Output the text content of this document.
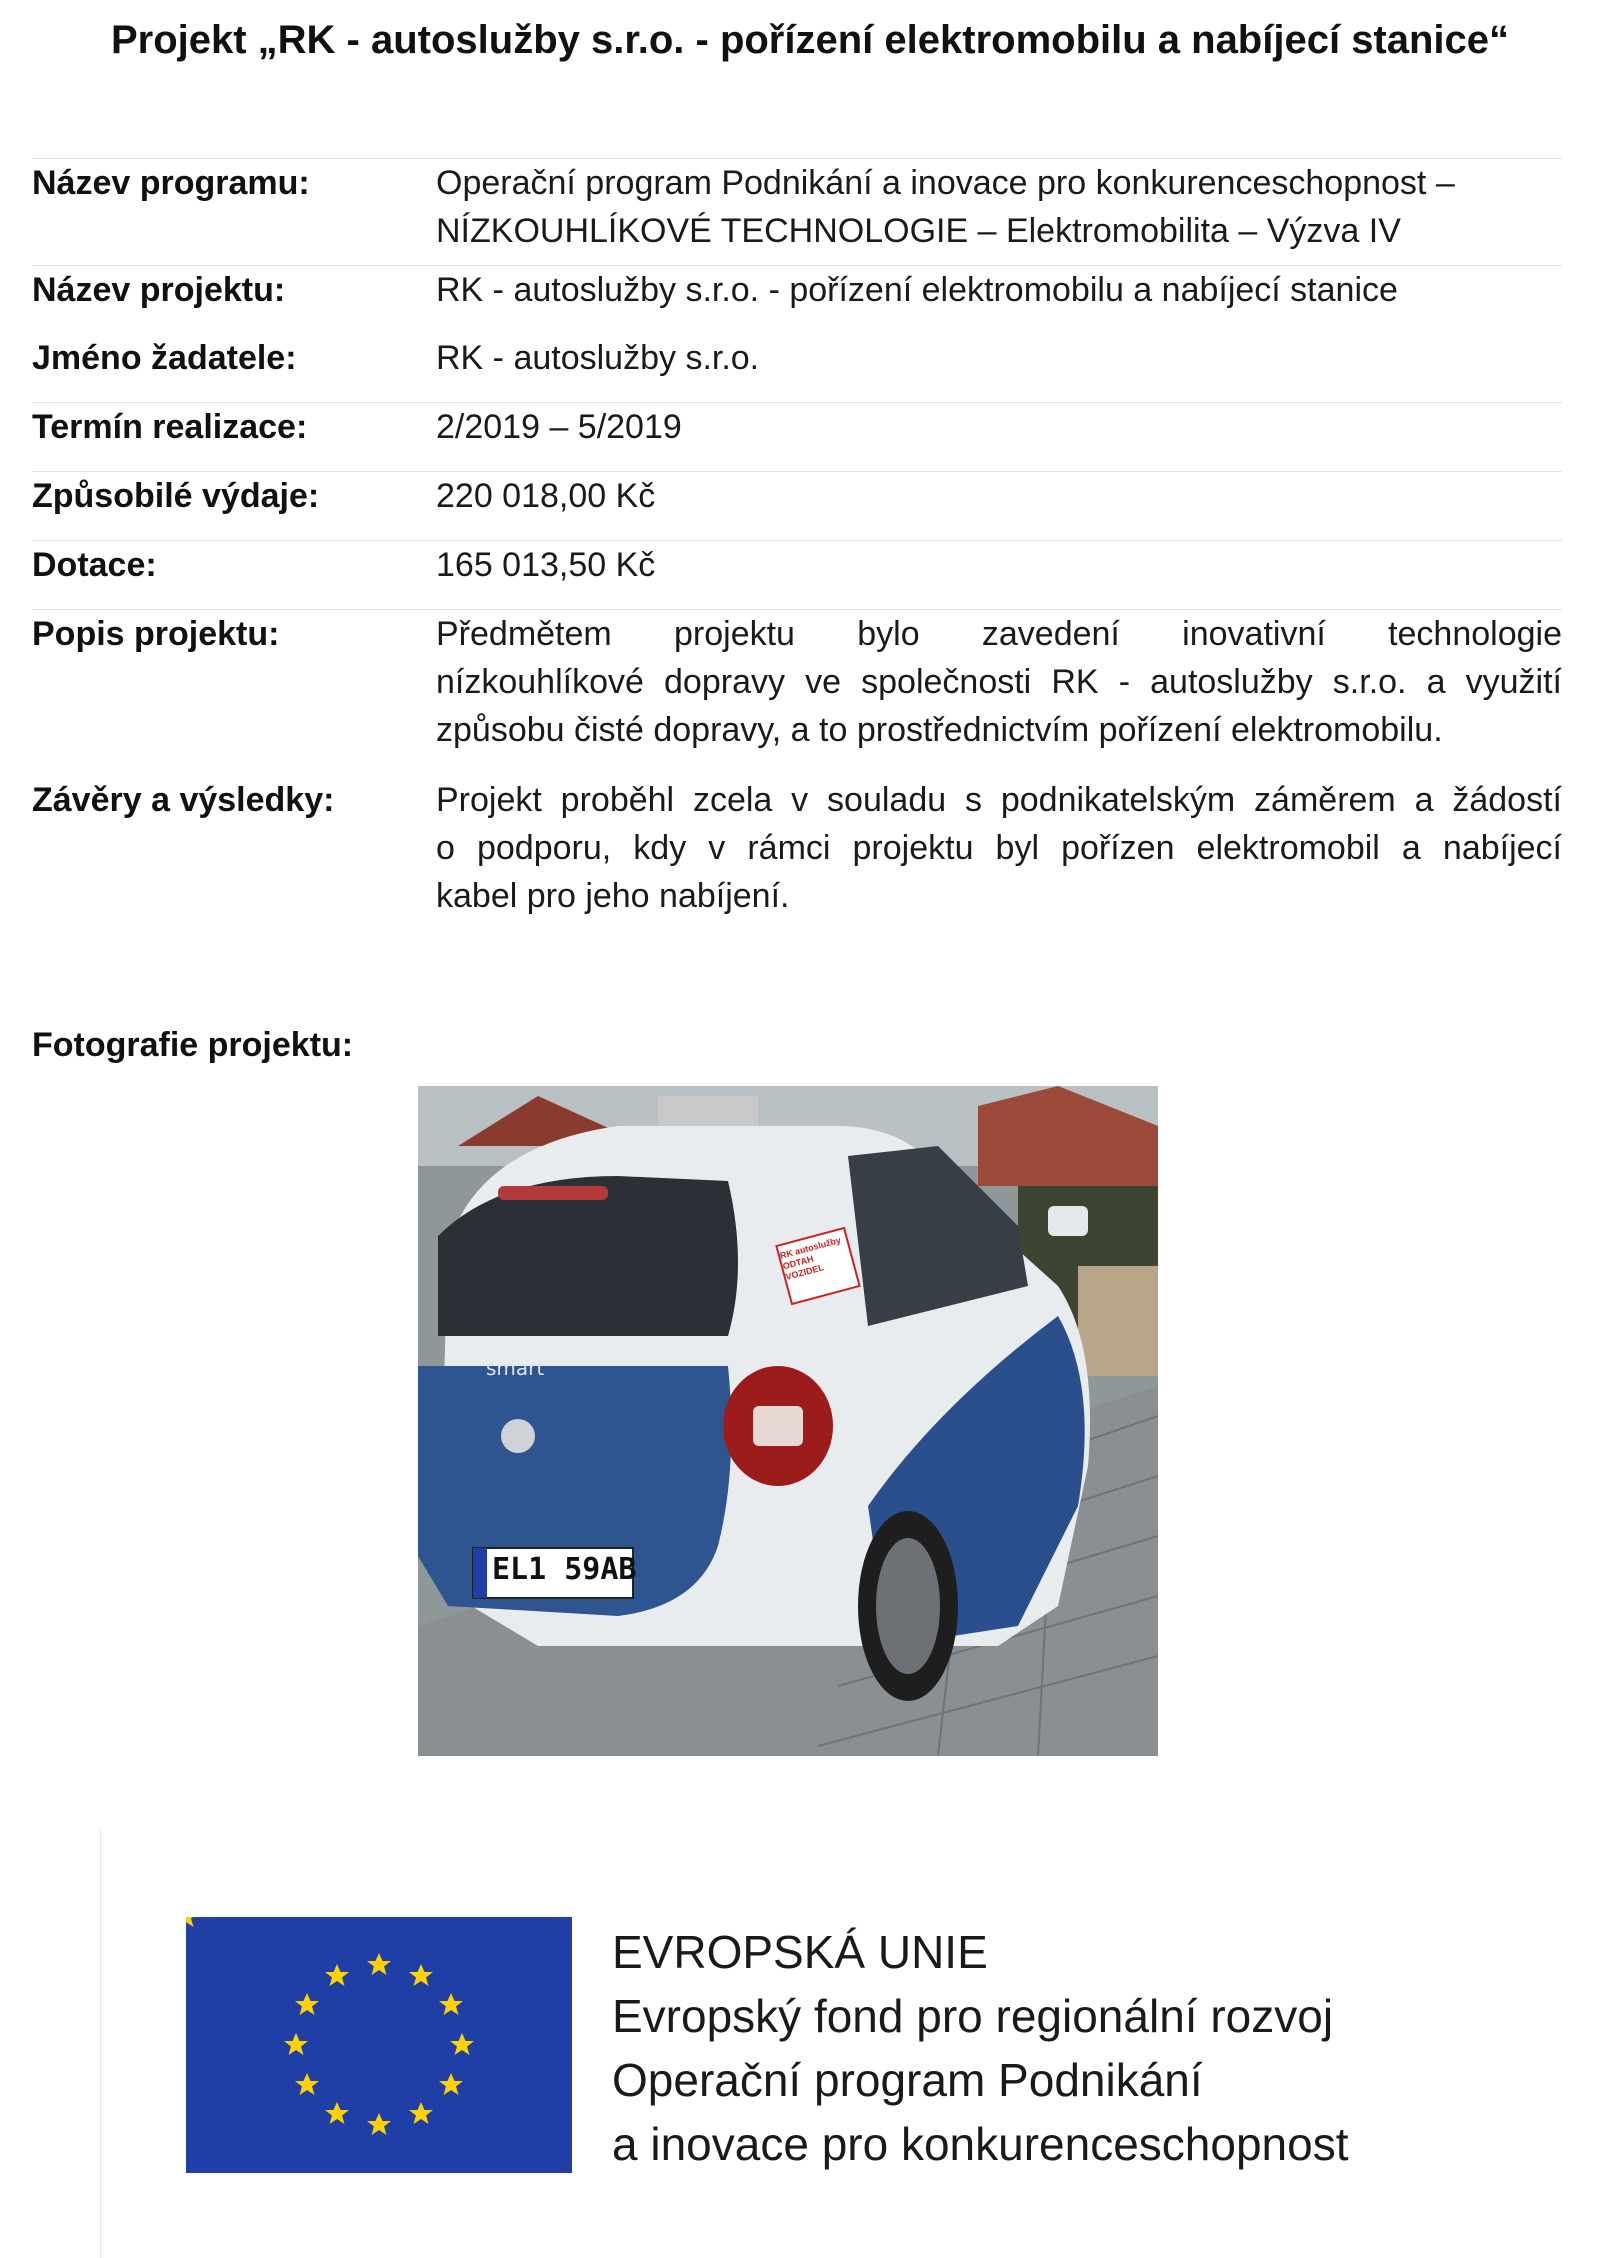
Projekt „RK - autoslužby s.r.o. - pořízení elektromobilu a nabíjecí stanice“
Název programu:	Operační program Podnikání a inovace pro konkurenceschopnost –
NÍZKOUHLÍKOVÉ TECHNOLOGIE – Elektromobilita – Výzva IV
Název projektu:	RK - autoslužby s.r.o. - pořízení elektromobilu a nabíjecí stanice
Jméno žadatele:	RK - autoslužby s.r.o.
Termín realizace:	2/2019 – 5/2019
Způsobilé výdaje:	220 018,00 Kč
Dotace:	165 013,50 Kč
Popis projektu:	Předmětem projektu bylo zavedení inovativní technologie
nízkouhlíkové dopravy ve společnosti RK - autoslužby s.r.o. a využití
způsobu čisté dopravy, a to prostřednictvím pořízení elektromobilu.
Závěry a výsledky:	Projekt proběhl zcela v souladu s podnikatelským záměrem a žádostí
o podporu, kdy v rámci projektu byl pořízen elektromobil a nabíjecí
kabel pro jeho nabíjení.
Fotografie projektu:
smart
EL1 59AB
RK autoslužby ODTAH VOZIDEL
EVROPSKÁ UNIE
Evropský fond pro regionální rozvoj
Operační program Podnikání
a inovace pro konkurenceschopnost
